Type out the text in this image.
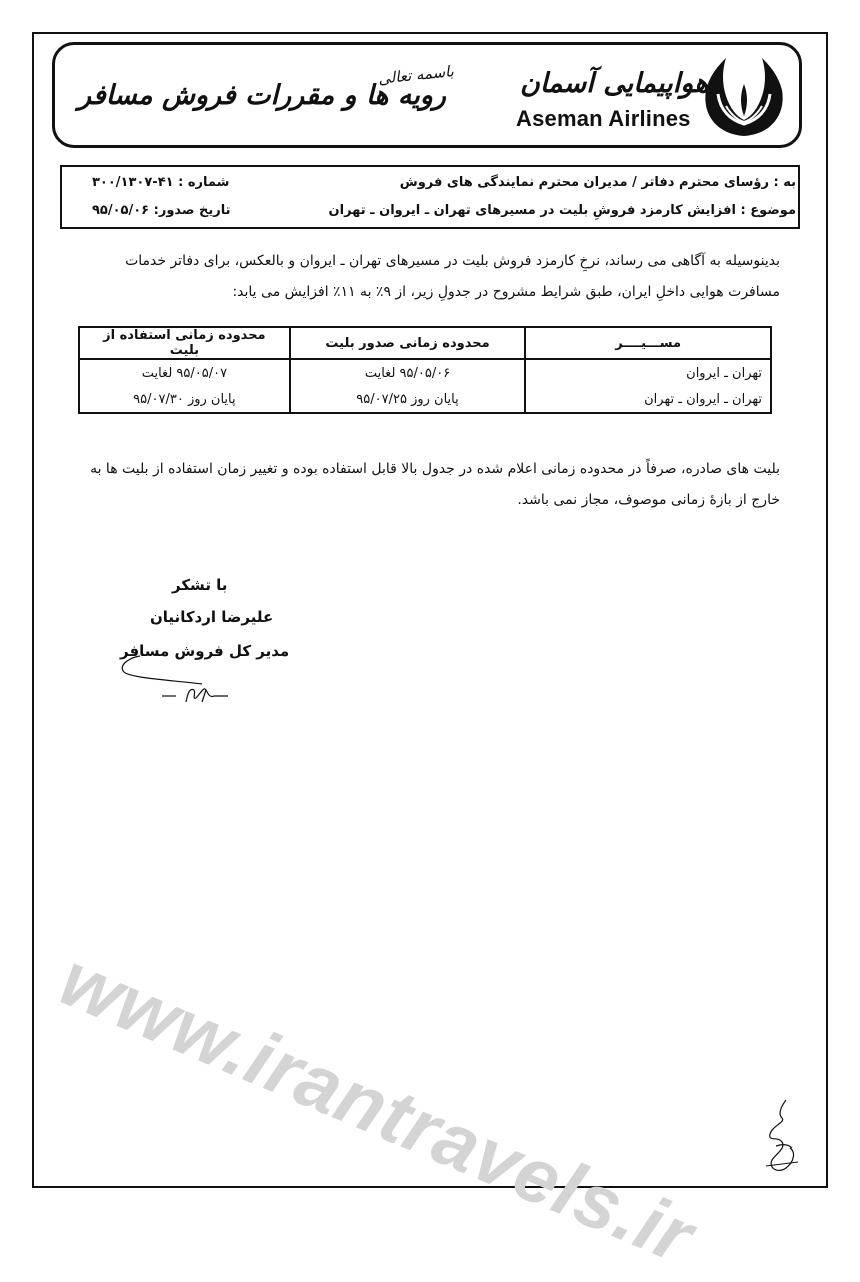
رویه ها و مقررات فروش مسافر
باسمه تعالی هواپیمایی آسمان
Aseman Airlines
به : رؤسای محترم دفاتر / مدیران محترم نمایندگی های فروش
موضوع : افزایش کارمزد فروشِ بلیت در مسیرهای تهران ـ ایروان ـ تهران
شماره : ۴۱-۳۰۰/۱۳۰۷
تاریخ صدور: ۹۵/۰۵/۰۶
بدینوسیله به آگاهی می رساند، نرخِ کارمزد فروش بلیت در مسیرهای تهران ـ ایروان و بالعکس، برای دفاتر خدمات مسافرت هوایی داخلِ ایران، طبق شرایط مشروح در جدولِ زیر، از ۹٪ به ۱۱٪ افزایش می یابد:
مســـیــــر	محدوده زمانی صدور بلیت	محدوده زمانی استفاده از بلیت
تهران ـ ایروان	۹۵/۰۵/۰۶ لغایت	۹۵/۰۵/۰۷ لغایت
تهران ـ ایروان ـ تهران	پایان روز ۹۵/۰۷/۲۵	پایان روز ۹۵/۰۷/۳۰
بلیت های صادره، صرفاً در محدوده زمانی اعلام شده در جدول بالا قابل استفاده بوده و تغییر زمان استفاده از بلیت ها به خارج از بازهٔ زمانی موصوف، مجاز نمی باشد.
با تشکر
علیرضا اردکانیان
مدیر کل فروش مسافر
www.irantravels.ir
